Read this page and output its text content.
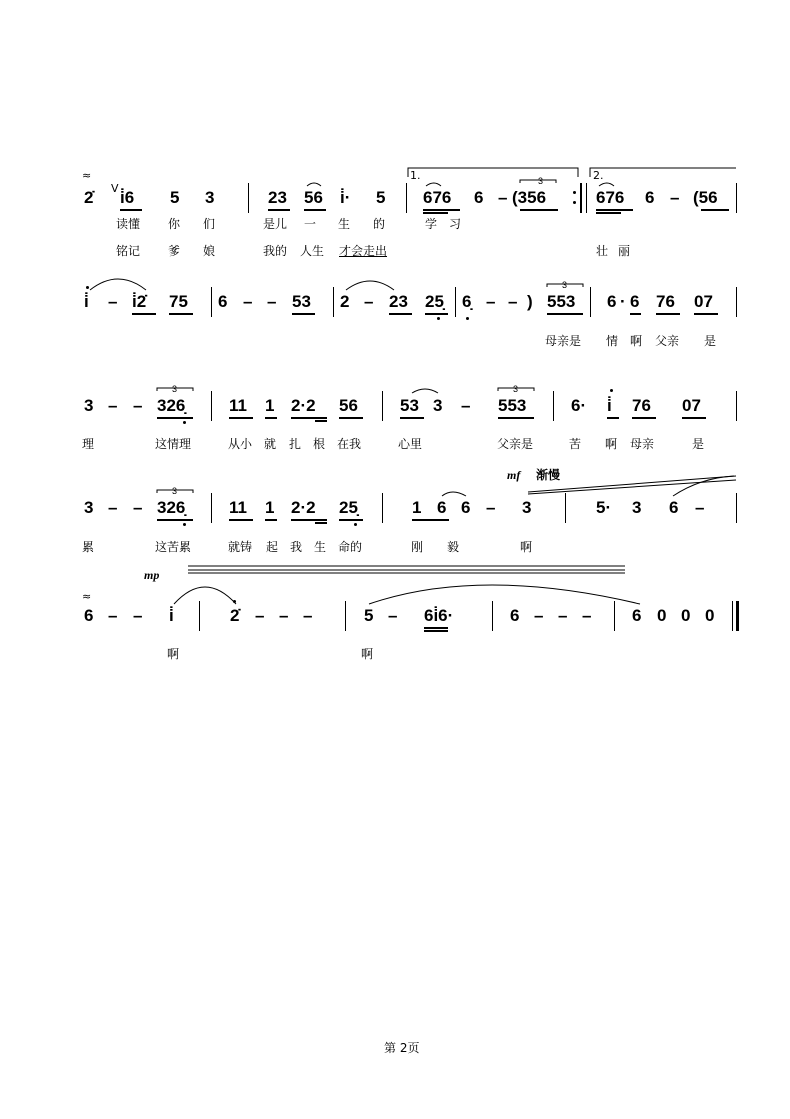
≈
2̇ V i̇6 5 3	23 56 i̇· 5
1.
676 6 –
3
(356
2.
676 6 – (56
读懂 你 们	是儿 一 生 的	学 习
铭记 爹 娘	我的 人生 才会走出	壮 丽
i̇ – i̇2̇ 75 6 – – 53 2 – 23 25̣ 6̣ – – )
3
553 6 · 6 76 07
母亲是 情 啊 父亲 是
3 – –
3
326̣	11 1 2·2 56 53 3 –
3
553	6· i̇ 76 07
理	这情理	从小 就 扎 根 在我	心里	父亲是	苦 啊 母亲	是
mf 渐慢
3 – –
3
326̣	11 1 2·2 25̣	1 6 6 – 3	5· 3 6 –
累	这苦累	就铸 起 我 生 命的	刚 毅	啊
mp
≈
6 – – i̇	2̇ – – –	5 – 6i̇6·	6 – – – 6 0 0 0
啊	啊
第 2页
